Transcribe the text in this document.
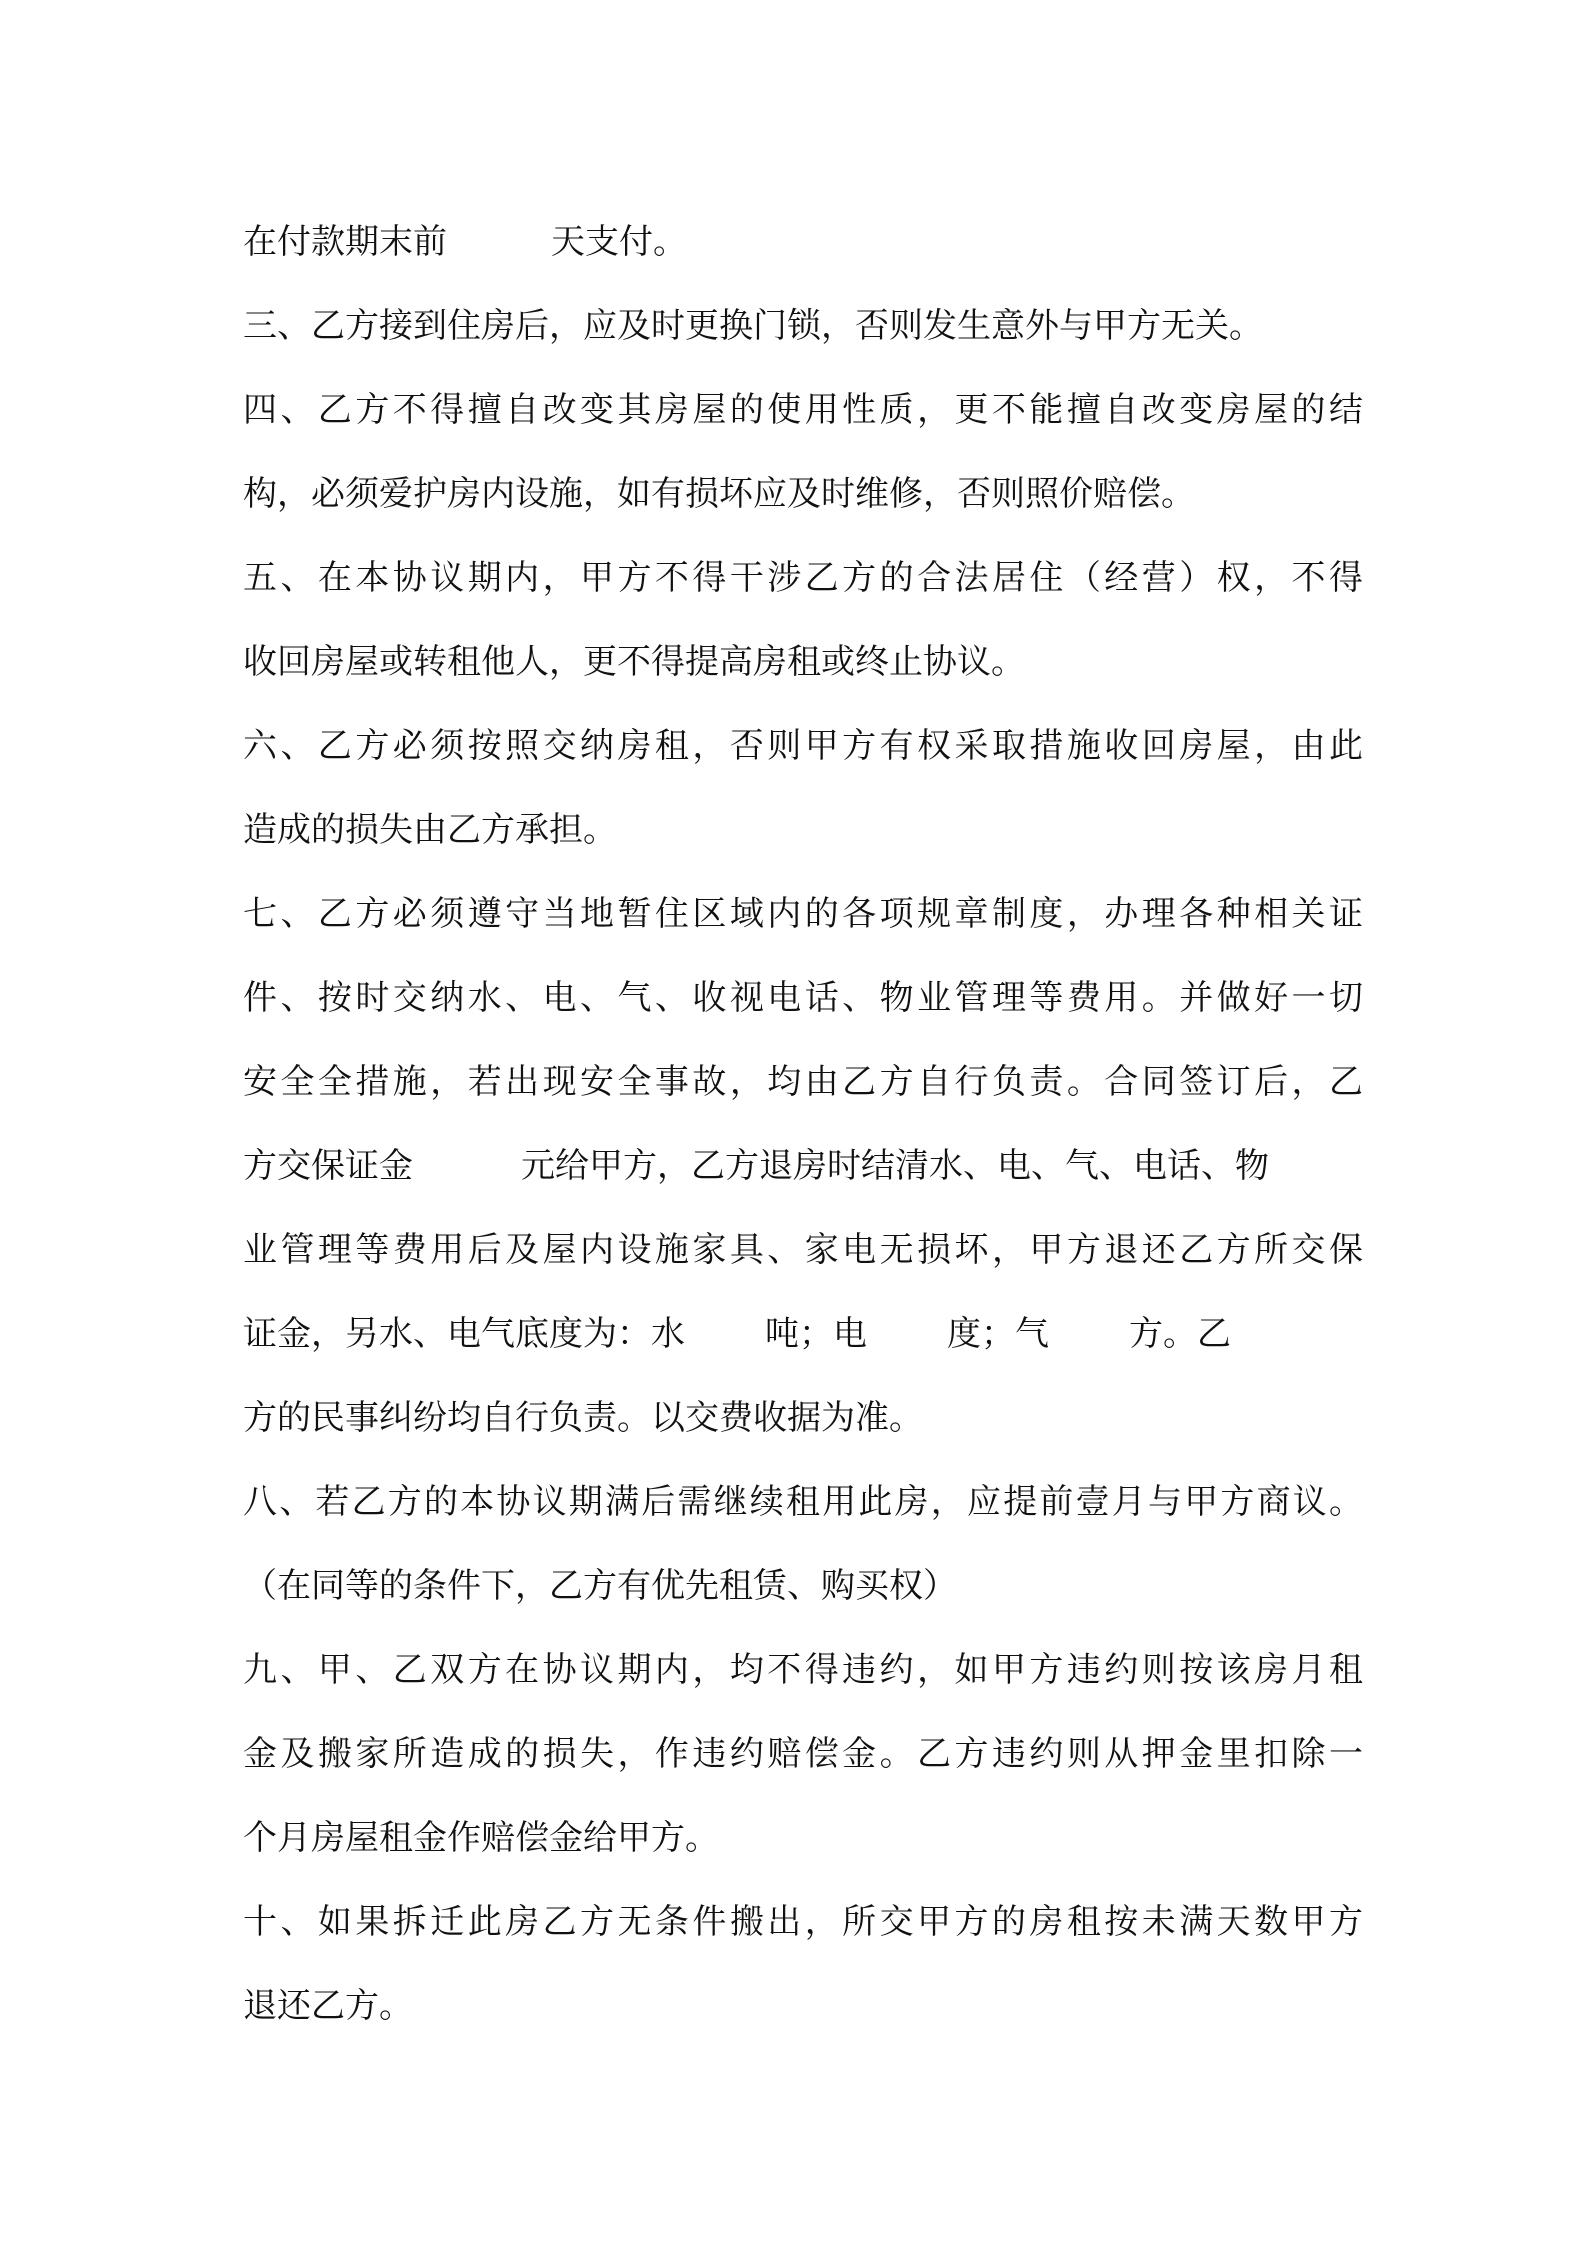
在付款期末前	天支付。
三、乙方接到住房后，应及时更换门锁，否则发生意外与甲方无关。
四、乙方不得擅自改变其房屋的使用性质，更不能擅自改变房屋的结
构，必须爱护房内设施，如有损坏应及时维修，否则照价赔偿。
五、在本协议期内，甲方不得干涉乙方的合法居住（经营）权，不得
收回房屋或转租他人，更不得提高房租或终止协议。
六、乙方必须按照交纳房租，否则甲方有权采取措施收回房屋，由此
造成的损失由乙方承担。
七、乙方必须遵守当地暂住区域内的各项规章制度，办理各种相关证
件、按时交纳水、电、气、收视电话、物业管理等费用。并做好一切
安全全措施，若出现安全事故，均由乙方自行负责。合同签订后，乙
方交保证金	元给甲方，乙方退房时结清水、电、气、电话、物
业管理等费用后及屋内设施家具、家电无损坏，甲方退还乙方所交保
证金，另水、电气底度为：水 吨；电 度；气 方。乙
方的民事纠纷均自行负责。以交费收据为准。
八、若乙方的本协议期满后需继续租用此房，应提前壹月与甲方商议。
（在同等的条件下，乙方有优先租赁、购买权）
九、甲、乙双方在协议期内，均不得违约，如甲方违约则按该房月租
金及搬家所造成的损失，作违约赔偿金。乙方违约则从押金里扣除一
个月房屋租金作赔偿金给甲方。
十、如果拆迁此房乙方无条件搬出，所交甲方的房租按未满天数甲方
退还乙方。
